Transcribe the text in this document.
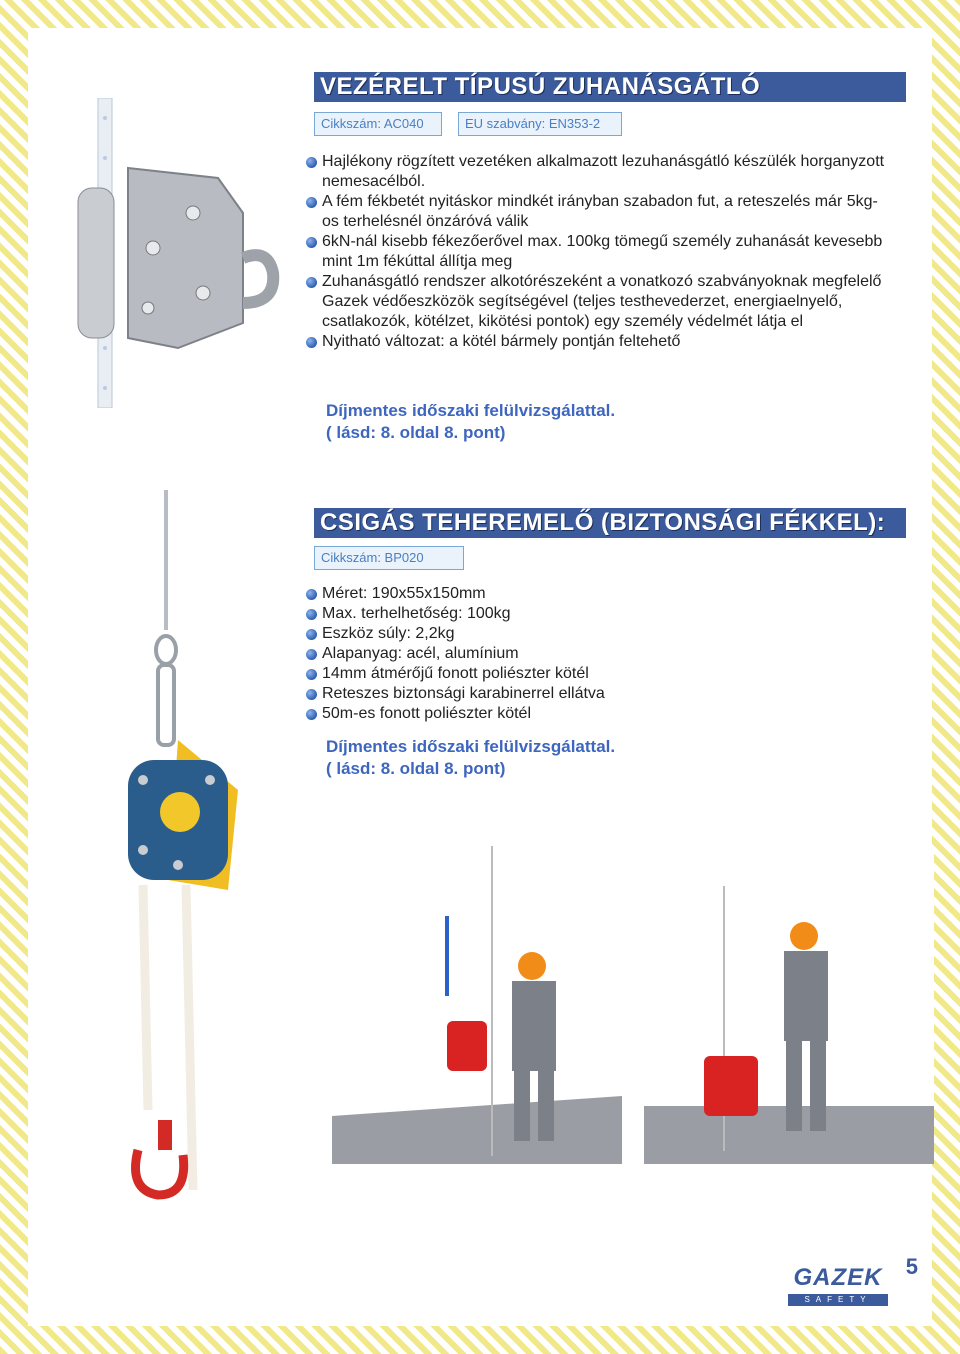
VEZÉRELT TÍPUSÚ ZUHANÁSGÁTLÓ
Cikkszám: AC040	EU szabvány: EN353-2
Hajlékony rögzített vezetéken alkalmazott lezuhanásgátló készülék horganyzott nemesacélból.
A fém fékbetét nyitáskor mindkét irányban szabadon fut, a reteszelés már 5kg-os terhelésnél önzáróvá válik
6kN-nál kisebb fékezőerővel max. 100kg tömegű személy zuhanását kevesebb mint 1m fékúttal állítja meg
Zuhanásgátló rendszer alkotórészeként a vonatkozó szabványoknak megfelelő Gazek védőeszközök segítségével (teljes testhevederzet, energiaelnyelő, csatlakozók, kötélzet, kikötési pontok) egy személy védelmét látja el
Nyitható változat: a kötél bármely pontján feltehető
Díjmentes időszaki felülvizsgálattal.
( lásd: 8. oldal 8. pont)
CSIGÁS TEHEREMELŐ (BIZTONSÁGI FÉKKEL):
Cikkszám: BP020
Méret: 190x55x150mm
Max. terhelhetőség: 100kg
Eszköz súly: 2,2kg
Alapanyag: acél, alumínium
14mm átmérőjű fonott poliészter kötél
Reteszes biztonsági karabinerrel ellátva
50m-es fonott poliészter kötél
Díjmentes időszaki felülvizsgálattal.
( lásd: 8. oldal 8. pont)
GAZEK
SAFETY
5
